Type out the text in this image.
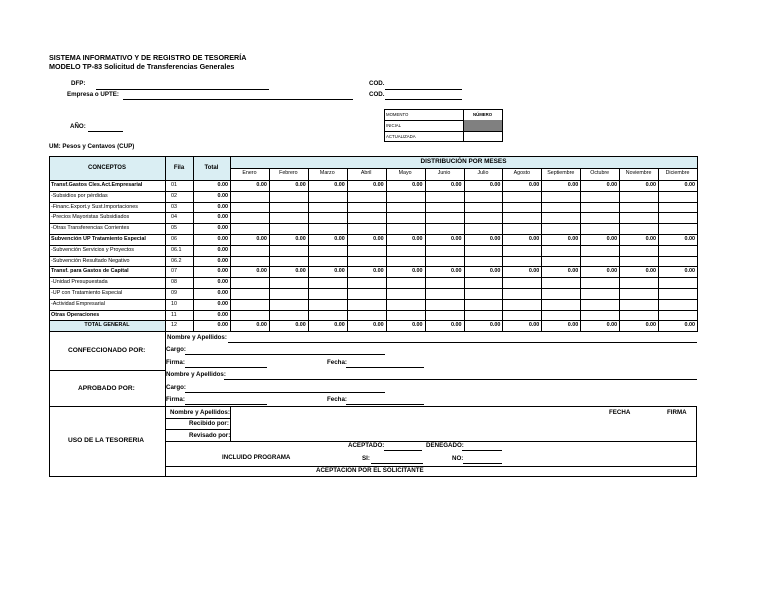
SISTEMA INFORMATIVO Y DE REGISTRO DE TESORERÍA
MODELO TP-83 Solicitud de Transferencias Generales
DFP:
Empresa o UPTE:
COD.
COD.
MOMENTO	NÚMERO
INICIAL
ACTUALIZADA
AÑO:
UM: Pesos y Centavos (CUP)
CONCEPTOS	Fila	Total
DISTRIBUCIÓN POR MESES
Enero	Febrero	Marzo	Abril	Mayo	Junio	Julio	Agosto	Septiembre	Octubre	Noviembre	Diciembre
Transf.Gastos Cles.Act.Empresarial	01	0.00	0.00	0.00	0.00	0.00	0.00	0.00	0.00	0.00	0.00	0.00	0.00	0.00
-Subsidios por pérdidas	02	0.00
-Financ.Export.y Sust.Importaciones	03	0.00
-Precios Mayoristas Subsidiados	04	0.00
-Otras Transferencias Corrientes	05	0.00
Subvención UP Tratamiento Especial	06	0.00	0.00	0.00	0.00	0.00	0.00	0.00	0.00	0.00	0.00	0.00	0.00	0.00
-Subvención Servicios y Proyectos	06.1	0.00
-Subvención Resultado Negativo	06.2	0.00
Transf. para Gastos de Capital	07	0.00	0.00	0.00	0.00	0.00	0.00	0.00	0.00	0.00	0.00	0.00	0.00	0.00
-Unidad Presupuestada	08	0.00
-UP con Tratamiento Especial	09	0.00
-Actividad Empresarial	10	0.00
Otras Operaciones	11	0.00
TOTAL GENERAL	12	0.00	0.00	0.00	0.00	0.00	0.00	0.00	0.00	0.00	0.00	0.00	0.00	0.00
CONFECCIONADO POR:
Nombre y Apellidos:
Cargo:
Firma:	Fecha:
APROBADO POR:
Nombre y Apellidos:
Cargo:
Firma:	Fecha:
USO DE LA TESORERIA
Nombre y Apellidos:
Recibido por:
Revisado por:
FECHA	FIRMA
ACEPTADO:	DENEGADO:
INCLUIDO PROGRAMA	SI:	NO:
ACEPTACION POR EL SOLICITANTE
